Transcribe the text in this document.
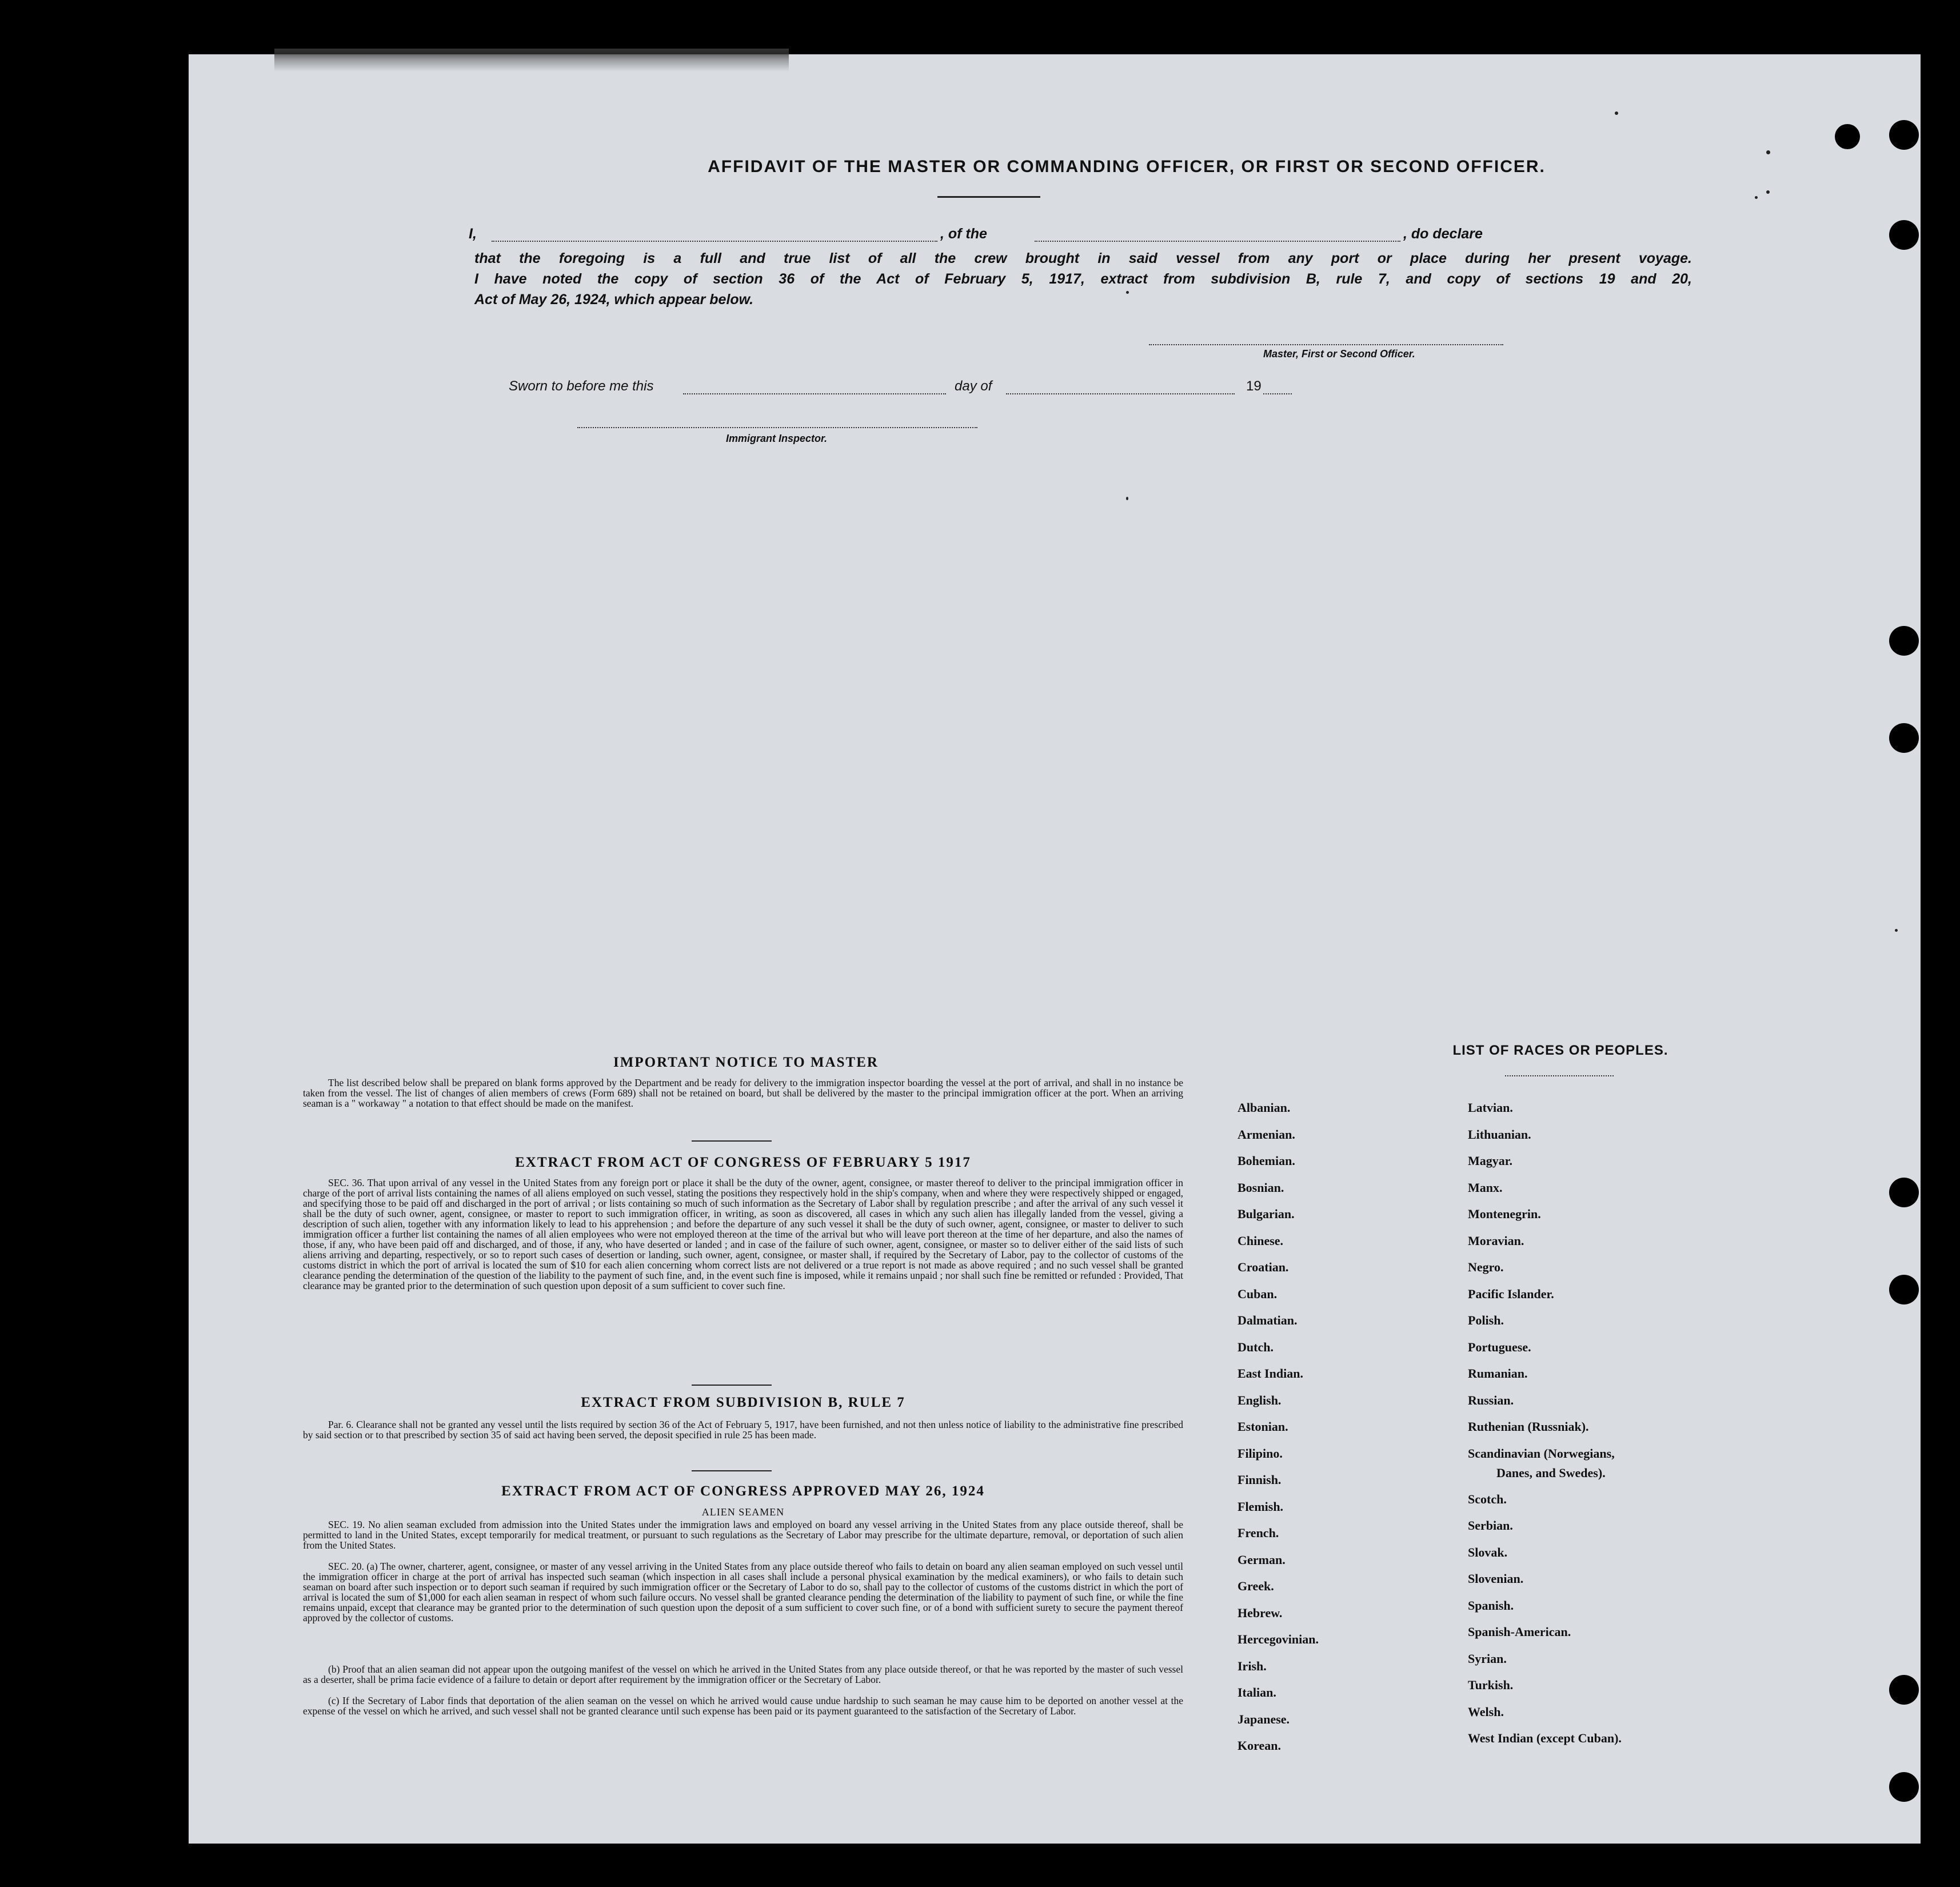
AFFIDAVIT OF THE MASTER OR COMMANDING OFFICER, OR FIRST OR SECOND OFFICER.
I,	, of the	, do declare
that the foregoing is a full and true list of all the crew brought in said vessel from any port or place during her present voyage.
I have noted the copy of section 36 of the Act of February 5, 1917, extract from subdivision B, rule 7, and copy of sections 19 and 20,
Act of May 26, 1924, which appear below.
Master, First or Second Officer.
Sworn to before me this	day of	19
Immigrant Inspector.
IMPORTANT NOTICE TO MASTER
The list described below shall be prepared on blank forms approved by the Department and be ready for delivery to the immigration inspector boarding the vessel at the port of arrival, and shall in no instance be taken from the vessel. The list of changes of alien members of crews (Form 689) shall not be retained on board, but shall be delivered by the master to the principal immigration officer at the port. When an arriving seaman is a " workaway " a notation to that effect should be made on the manifest.
EXTRACT FROM ACT OF CONGRESS OF FEBRUARY 5 1917
SEC. 36. That upon arrival of any vessel in the United States from any foreign port or place it shall be the duty of the owner, agent, consignee, or master thereof to deliver to the principal immigration officer in charge of the port of arrival lists containing the names of all aliens employed on such vessel, stating the positions they respectively hold in the ship's company, when and where they were respectively shipped or engaged, and specifying those to be paid off and discharged in the port of arrival ; or lists containing so much of such information as the Secretary of Labor shall by regulation prescribe ; and after the arrival of any such vessel it shall be the duty of such owner, agent, consignee, or master to report to such immigration officer, in writing, as soon as discovered, all cases in which any such alien has illegally landed from the vessel, giving a description of such alien, together with any information likely to lead to his apprehension ; and before the departure of any such vessel it shall be the duty of such owner, agent, consignee, or master to deliver to such immigration officer a further list containing the names of all alien employees who were not employed thereon at the time of the arrival but who will leave port thereon at the time of her departure, and also the names of those, if any, who have been paid off and discharged, and of those, if any, who have deserted or landed ; and in case of the failure of such owner, agent, consignee, or master so to deliver either of the said lists of such aliens arriving and departing, respectively, or so to report such cases of desertion or landing, such owner, agent, consignee, or master shall, if required by the Secretary of Labor, pay to the collector of customs of the customs district in which the port of arrival is located the sum of $10 for each alien concerning whom correct lists are not delivered or a true report is not made as above required ; and no such vessel shall be granted clearance pending the determination of the question of the liability to the payment of such fine, and, in the event such fine is imposed, while it remains unpaid ; nor shall such fine be remitted or refunded : Provided, That clearance may be granted prior to the determination of such question upon deposit of a sum sufficient to cover such fine.
EXTRACT FROM SUBDIVISION B, RULE 7
Par. 6. Clearance shall not be granted any vessel until the lists required by section 36 of the Act of February 5, 1917, have been furnished, and not then unless notice of liability to the administrative fine prescribed by said section or to that prescribed by section 35 of said act having been served, the deposit specified in rule 25 has been made.
EXTRACT FROM ACT OF CONGRESS APPROVED MAY 26, 1924
ALIEN SEAMEN
SEC. 19. No alien seaman excluded from admission into the United States under the immigration laws and employed on board any vessel arriving in the United States from any place outside thereof, shall be permitted to land in the United States, except temporarily for medical treatment, or pursuant to such regulations as the Secretary of Labor may prescribe for the ultimate departure, removal, or deportation of such alien from the United States.
SEC. 20. (a) The owner, charterer, agent, consignee, or master of any vessel arriving in the United States from any place outside thereof who fails to detain on board any alien seaman employed on such vessel until the immigration officer in charge at the port of arrival has inspected such seaman (which inspection in all cases shall include a personal physical examination by the medical examiners), or who fails to detain such seaman on board after such inspection or to deport such seaman if required by such immigration officer or the Secretary of Labor to do so, shall pay to the collector of customs of the customs district in which the port of arrival is located the sum of $1,000 for each alien seaman in respect of whom such failure occurs. No vessel shall be granted clearance pending the determination of the liability to payment of such fine, or while the fine remains unpaid, except that clearance may be granted prior to the determination of such question upon the deposit of a sum sufficient to cover such fine, or of a bond with sufficient surety to secure the payment thereof approved by the collector of customs.
(b) Proof that an alien seaman did not appear upon the outgoing manifest of the vessel on which he arrived in the United States from any place outside thereof, or that he was reported by the master of such vessel as a deserter, shall be prima facie evidence of a failure to detain or deport after requirement by the immigration officer or the Secretary of Labor.
(c) If the Secretary of Labor finds that deportation of the alien seaman on the vessel on which he arrived would cause undue hardship to such seaman he may cause him to be deported on another vessel at the expense of the vessel on which he arrived, and such vessel shall not be granted clearance until such expense has been paid or its payment guaranteed to the satisfaction of the Secretary of Labor.
LIST OF RACES OR PEOPLES.
Albanian.
Armenian.
Bohemian.
Bosnian.
Bulgarian.
Chinese.
Croatian.
Cuban.
Dalmatian.
Dutch.
East Indian.
English.
Estonian.
Filipino.
Finnish.
Flemish.
French.
German.
Greek.
Hebrew.
Hercegovinian.
Irish.
Italian.
Japanese.
Korean.
Latvian.
Lithuanian.
Magyar.
Manx.
Montenegrin.
Moravian.
Negro.
Pacific Islander.
Polish.
Portuguese.
Rumanian.
Russian.
Ruthenian (Russniak).
Scandinavian (Norwegians,
Danes, and Swedes).
Scotch.
Serbian.
Slovak.
Slovenian.
Spanish.
Spanish-American.
Syrian.
Turkish.
Welsh.
West Indian (except Cuban).
